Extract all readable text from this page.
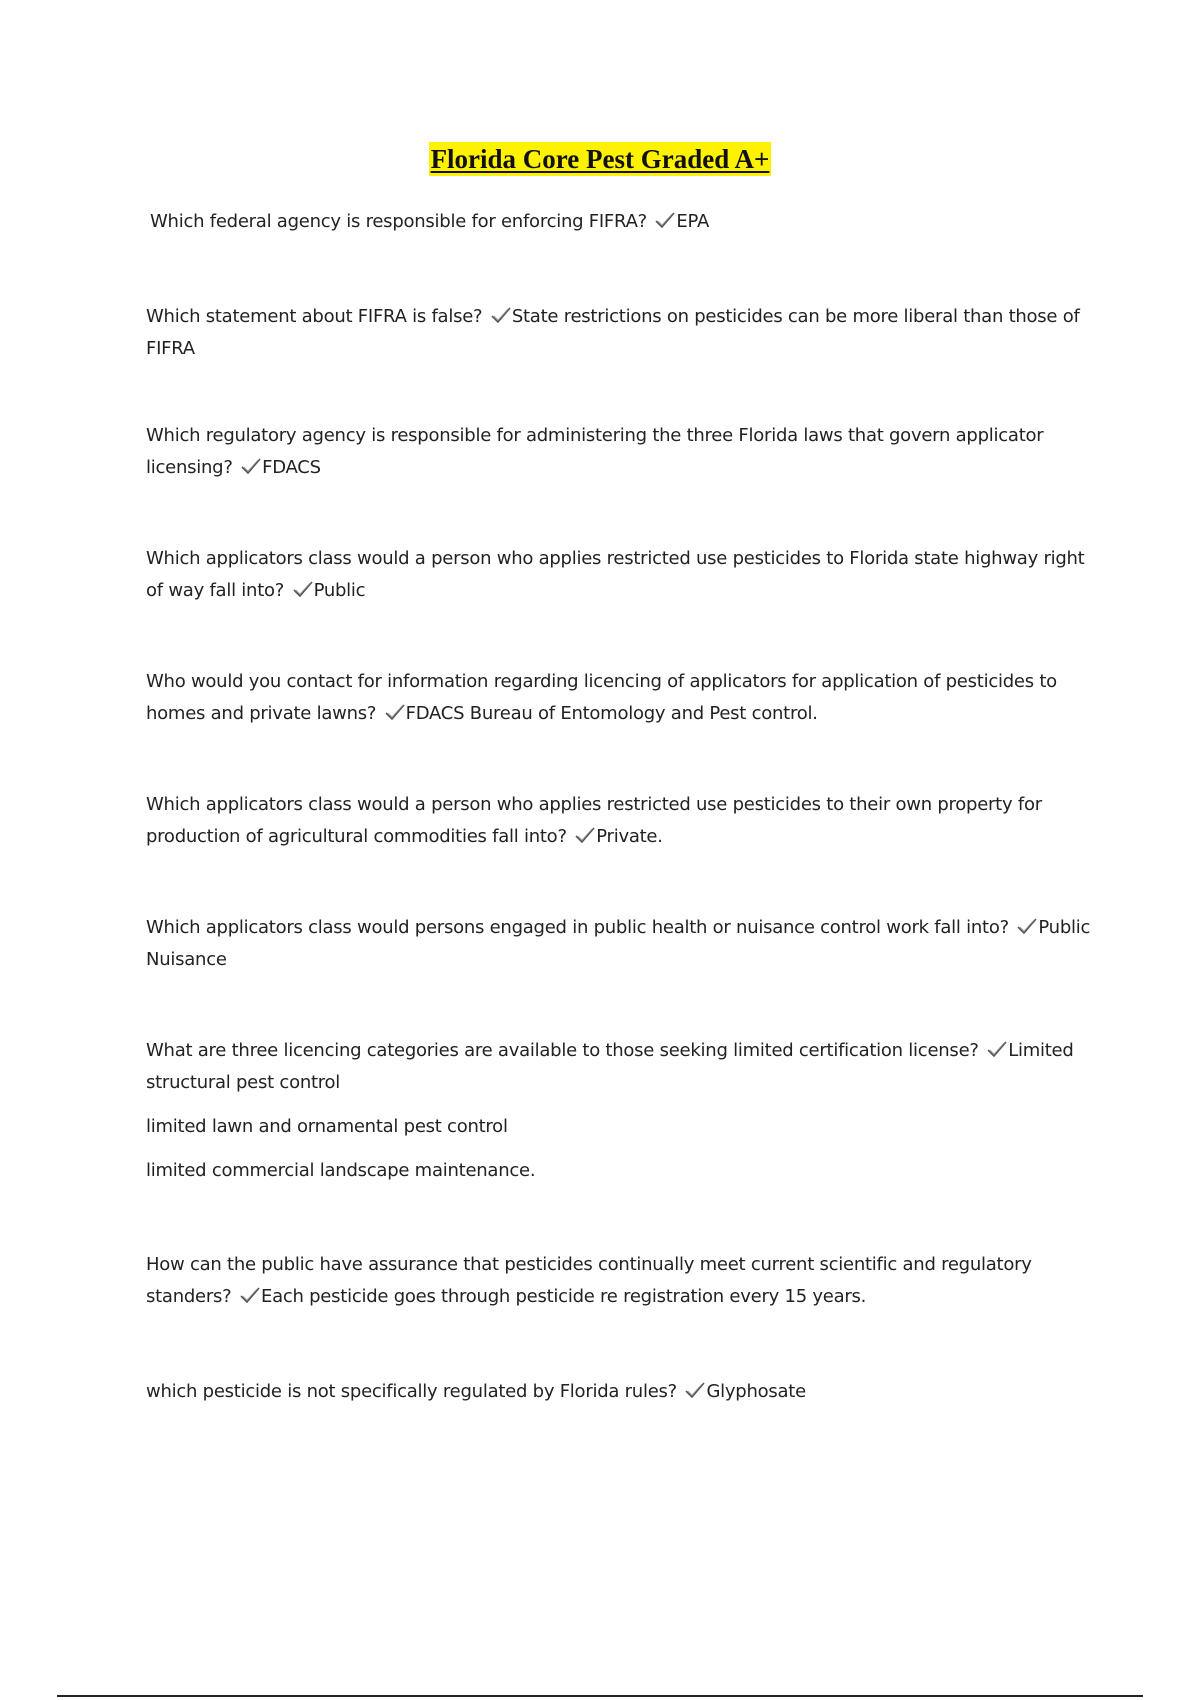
Florida Core Pest Graded A+

Which federal agency is responsible for enforcing FIFRA? EPA

Which statement about FIFRA is false? State restrictions on pesticides can be more liberal than those of FIFRA

Which regulatory agency is responsible for administering the three Florida laws that govern applicator licensing? FDACS

Which applicators class would a person who applies restricted use pesticides to Florida state highway right of way fall into? Public

Who would you contact for information regarding licencing of applicators for application of pesticides to homes and private lawns? FDACS Bureau of Entomology and Pest control.

Which applicators class would a person who applies restricted use pesticides to their own property for production of agricultural commodities fall into? Private.

Which applicators class would persons engaged in public health or nuisance control work fall into? Public Nuisance

What are three licencing categories are available to those seeking limited certification license? Limited structural pest control

limited lawn and ornamental pest control

limited commercial landscape maintenance.

How can the public have assurance that pesticides continually meet current scientific and regulatory standers? Each pesticide goes through pesticide re registration every 15 years.

which pesticide is not specifically regulated by Florida rules? Glyphosate
